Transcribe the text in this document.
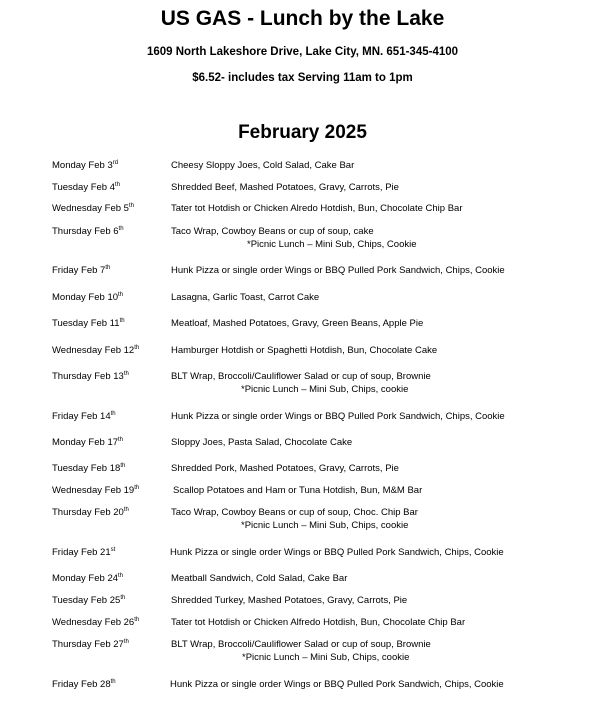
US GAS - Lunch by the Lake
1609 North Lakeshore Drive, Lake City, MN. 651-345-4100
$6.52- includes tax Serving 11am to 1pm
February 2025
Monday Feb 3rd	Cheesy Sloppy Joes, Cold Salad, Cake Bar
Tuesday Feb 4th	Shredded Beef, Mashed Potatoes, Gravy, Carrots, Pie
Wednesday Feb 5th	Tater tot Hotdish or Chicken Alredo Hotdish, Bun, Chocolate Chip Bar
Thursday Feb 6th	Taco Wrap, Cowboy Beans or cup of soup, cake
*Picnic Lunch – Mini Sub, Chips, Cookie
Friday Feb 7th	Hunk Pizza or single order Wings or BBQ Pulled Pork Sandwich, Chips, Cookie
Monday Feb 10th	Lasagna, Garlic Toast, Carrot Cake
Tuesday Feb 11th	Meatloaf, Mashed Potatoes, Gravy, Green Beans, Apple Pie
Wednesday Feb 12th	Hamburger Hotdish or Spaghetti Hotdish, Bun, Chocolate Cake
Thursday Feb 13th	BLT Wrap, Broccoli/Cauliflower Salad or cup of soup, Brownie
*Picnic Lunch – Mini Sub, Chips, cookie
Friday Feb 14th	Hunk Pizza or single order Wings or BBQ Pulled Pork Sandwich, Chips, Cookie
Monday Feb 17th	Sloppy Joes, Pasta Salad, Chocolate Cake
Tuesday Feb 18th	Shredded Pork, Mashed Potatoes, Gravy, Carrots, Pie
Wednesday Feb 19th	Scallop Potatoes and Ham or Tuna Hotdish, Bun, M&M Bar
Thursday Feb 20th	Taco Wrap, Cowboy Beans or cup of soup, Choc. Chip Bar
*Picnic Lunch – Mini Sub, Chips, cookie
Friday Feb 21st	Hunk Pizza or single order Wings or BBQ Pulled Pork Sandwich, Chips, Cookie
Monday Feb 24th	Meatball Sandwich, Cold Salad, Cake Bar
Tuesday Feb 25th	Shredded Turkey, Mashed Potatoes, Gravy, Carrots, Pie
Wednesday Feb 26th	Tater tot Hotdish or Chicken Alfredo Hotdish, Bun, Chocolate Chip Bar
Thursday Feb 27th	BLT Wrap, Broccoli/Cauliflower Salad or cup of soup, Brownie
*Picnic Lunch – Mini Sub, Chips, cookie
Friday Feb 28th	Hunk Pizza or single order Wings or BBQ Pulled Pork Sandwich, Chips, Cookie
